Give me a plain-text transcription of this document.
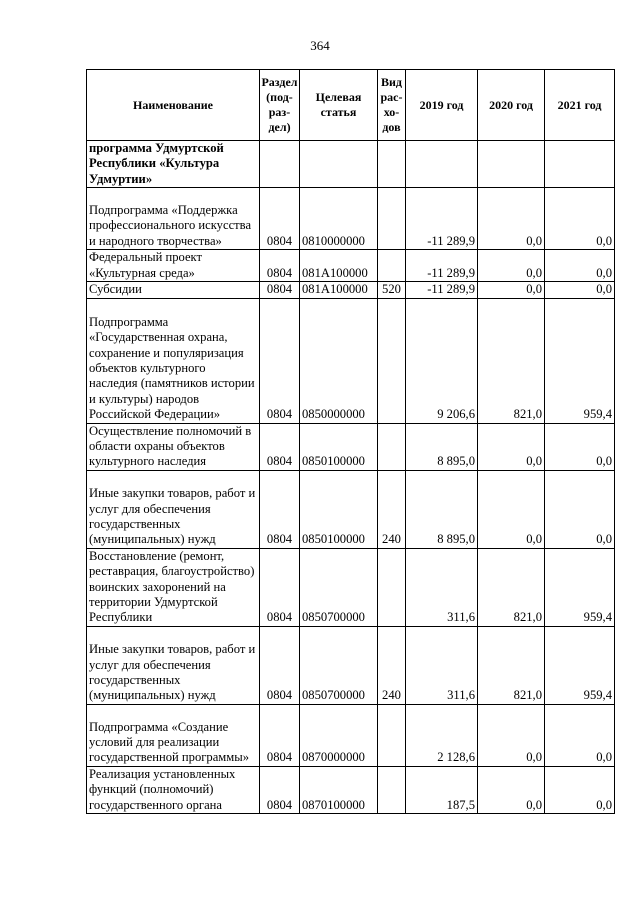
364
Наименование	Раздел (под-раз-дел)	Целевая статья	Вид рас-хо-дов	2019 год	2020 год	2021 год
программа Удмуртской Республики «Культура Удмуртии»						
Подпрограмма «Поддержка профессионального искусства и народного творчества»	0804	0810000000		-11 289,9	0,0	0,0
Федеральный проект «Культурная среда»	0804	081A100000		-11 289,9	0,0	0,0
Субсидии	0804	081A100000	520	-11 289,9	0,0	0,0
Подпрограмма «Государственная охрана, сохранение и популяризация объектов культурного наследия (памятников истории и культуры) народов Российской Федерации»	0804	0850000000		9 206,6	821,0	959,4
Осуществление полномочий в области охраны объектов культурного наследия	0804	0850100000		8 895,0	0,0	0,0
Иные закупки товаров, работ и услуг для обеспечения государственных (муниципальных) нужд	0804	0850100000	240	8 895,0	0,0	0,0
Восстановление (ремонт, реставрация, благоустройство) воинских захоронений на территории Удмуртской Республики	0804	0850700000		311,6	821,0	959,4
Иные закупки товаров, работ и услуг для обеспечения государственных (муниципальных) нужд	0804	0850700000	240	311,6	821,0	959,4
Подпрограмма «Создание условий для реализации государственной программы»	0804	0870000000		2 128,6	0,0	0,0
Реализация установленных функций (полномочий) государственного органа	0804	0870100000		187,5	0,0	0,0
